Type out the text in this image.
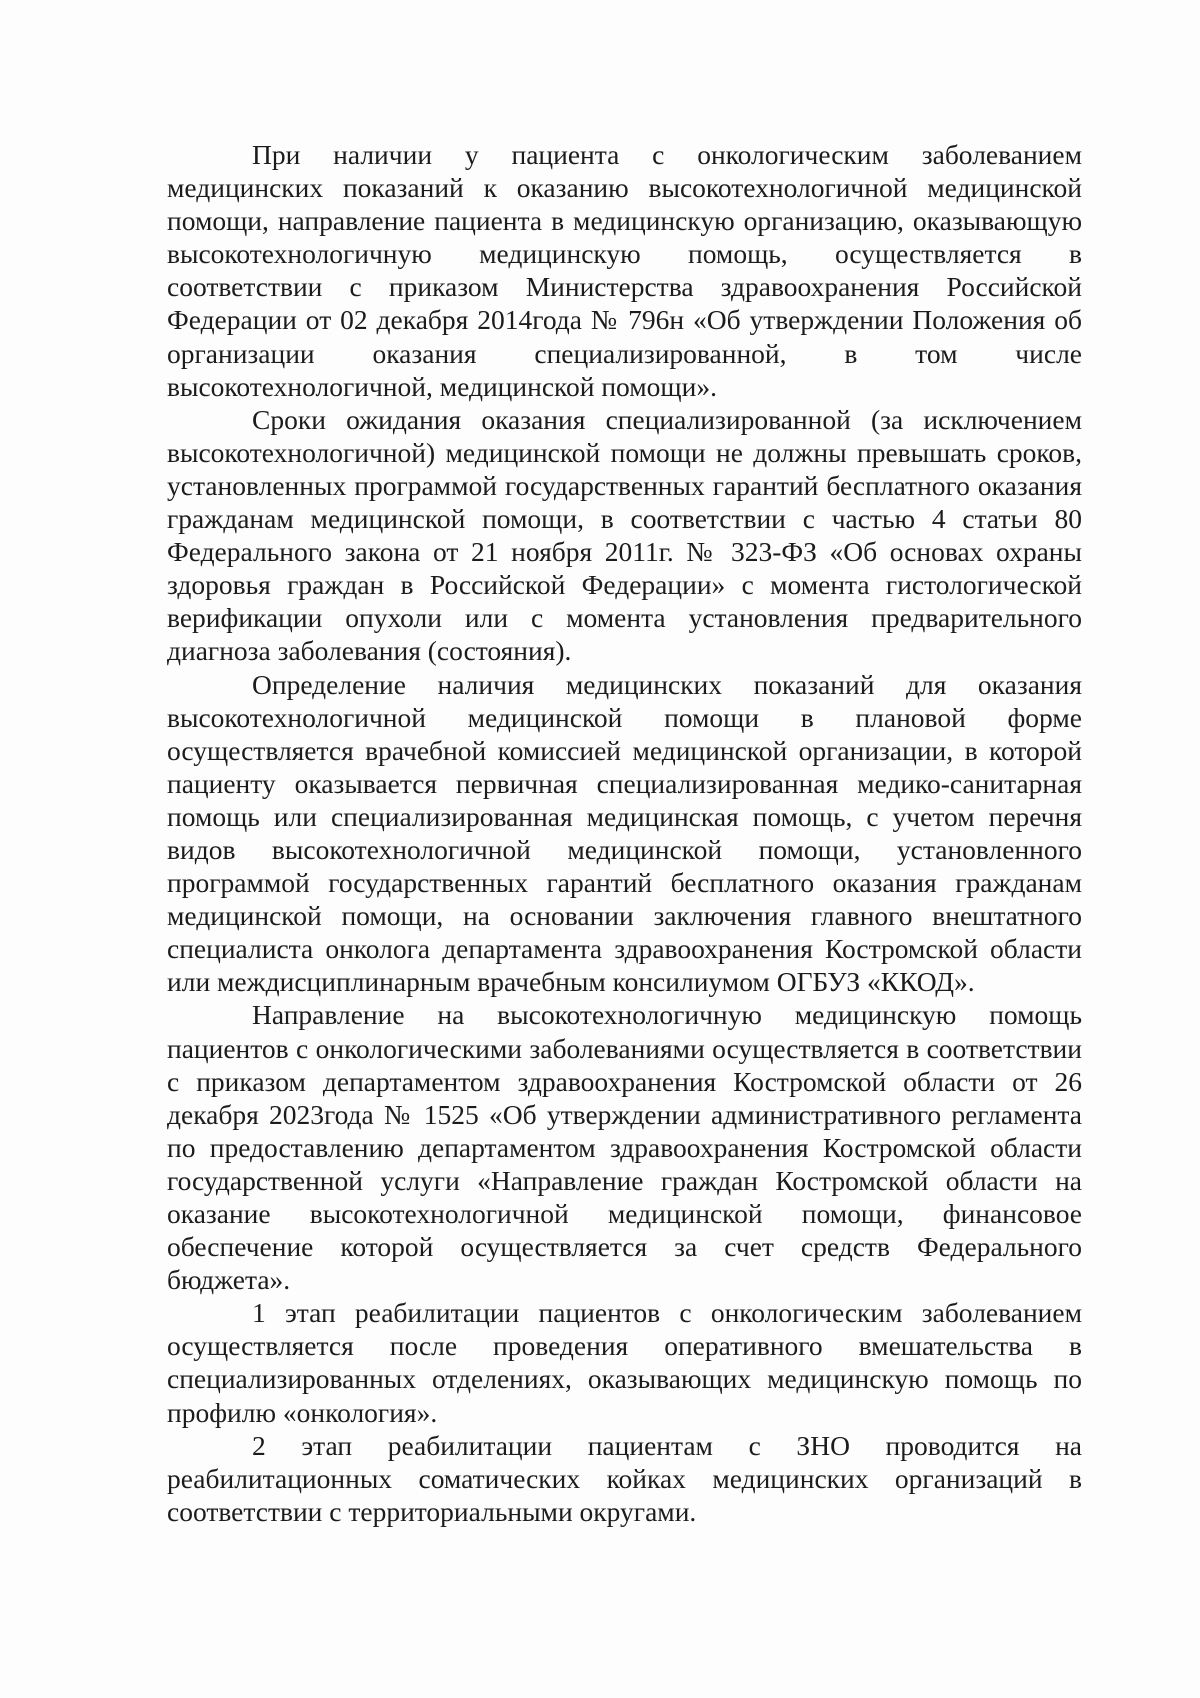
При наличии у пациента с онкологическим заболеванием медицинских показаний к оказанию высокотехнологичной медицинской помощи, направление пациента в медицинскую организацию, оказывающую высокотехнологичную медицинскую помощь, осуществляется в соответствии с приказом Министерства здравоохранения Российской Федерации от 02 декабря 2014года № 796н «Об утверждении Положения об организации оказания специализированной, в том числе высокотехнологичной, медицинской помощи».

Сроки ожидания оказания специализированной (за исключением высокотехнологичной) медицинской помощи не должны превышать сроков, установленных программой государственных гарантий бесплатного оказания гражданам медицинской помощи, в соответствии с частью 4 статьи 80 Федерального закона от 21 ноября 2011г. № 323-ФЗ «Об основах охраны здоровья граждан в Российской Федерации» с момента гистологической верификации опухоли или с момента установления предварительного диагноза заболевания (состояния).

Определение наличия медицинских показаний для оказания высокотехнологичной медицинской помощи в плановой форме осуществляется врачебной комиссией медицинской организации, в которой пациенту оказывается первичная специализированная медико-санитарная помощь или специализированная медицинская помощь, с учетом перечня видов высокотехнологичной медицинской помощи, установленного программой государственных гарантий бесплатного оказания гражданам медицинской помощи, на основании заключения главного внештатного специалиста онколога департамента здравоохранения Костромской области или междисциплинарным врачебным консилиумом ОГБУЗ «ККОД».

Направление на высокотехнологичную медицинскую помощь пациентов с онкологическими заболеваниями осуществляется в соответствии с приказом департаментом здравоохранения Костромской области от 26 декабря 2023года № 1525 «Об утверждении административного регламента по предоставлению департаментом здравоохранения Костромской области государственной услуги «Направление граждан Костромской области на оказание высокотехнологичной медицинской помощи, финансовое обеспечение которой осуществляется за счет средств Федерального бюджета».

1 этап реабилитации пациентов с онкологическим заболеванием осуществляется после проведения оперативного вмешательства в специализированных отделениях, оказывающих медицинскую помощь по профилю «онкология».

2 этап реабилитации пациентам с ЗНО проводится на реабилитационных соматических койках медицинских организаций в соответствии с территориальными округами.
